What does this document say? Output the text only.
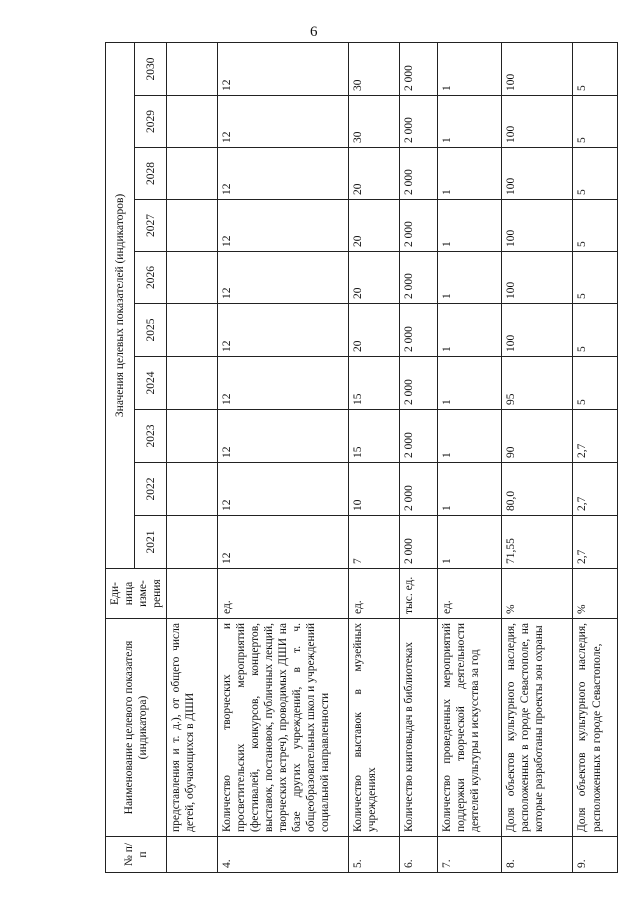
6
№ п/п	Наименование целевого показателя (индикатора)	Еди-ница изме-рения	Значения целевых показателей (индикаторов)									
			2021	2022	2023	2024	2025	2026	2027	2028	2029	2030
	представления и т. д.), от общего числа детей, обучающихся в ДШИ											
4.	Количество творческих и просветительских мероприятий (фестивалей, конкурсов, концертов, выставок, постановок, публичных лекций, творческих встреч), проводимых ДШИ на базе других учреждений, в т. ч. общеобразовательных школ и учреждений социальной направленности	ед.	12	12	12	12	12	12	12	12	12	12
5.	Количество выставок в музейных учреждениях	ед.	7	10	15	15	20	20	20	20	30	30
6.	Количество книговыдач в библиотеках	тыс. ед.	2 000	2 000	2 000	2 000	2 000	2 000	2 000	2 000	2 000	2 000
7.	Количество проведенных мероприятий поддержки творческой деятельности деятелей культуры и искусства за год	ед.	1	1	1	1	1	1	1	1	1	1
8.	Доля объектов культурного наследия, расположенных в городе Севастополе, на которые разработаны проекты зон охраны	%	71,55	80,0	90	95	100	100	100	100	100	100
9.	Доля объектов культурного наследия, расположенных в городе Севастополе,	%	2,7	2,7	2,7	5	5	5	5	5	5	5
